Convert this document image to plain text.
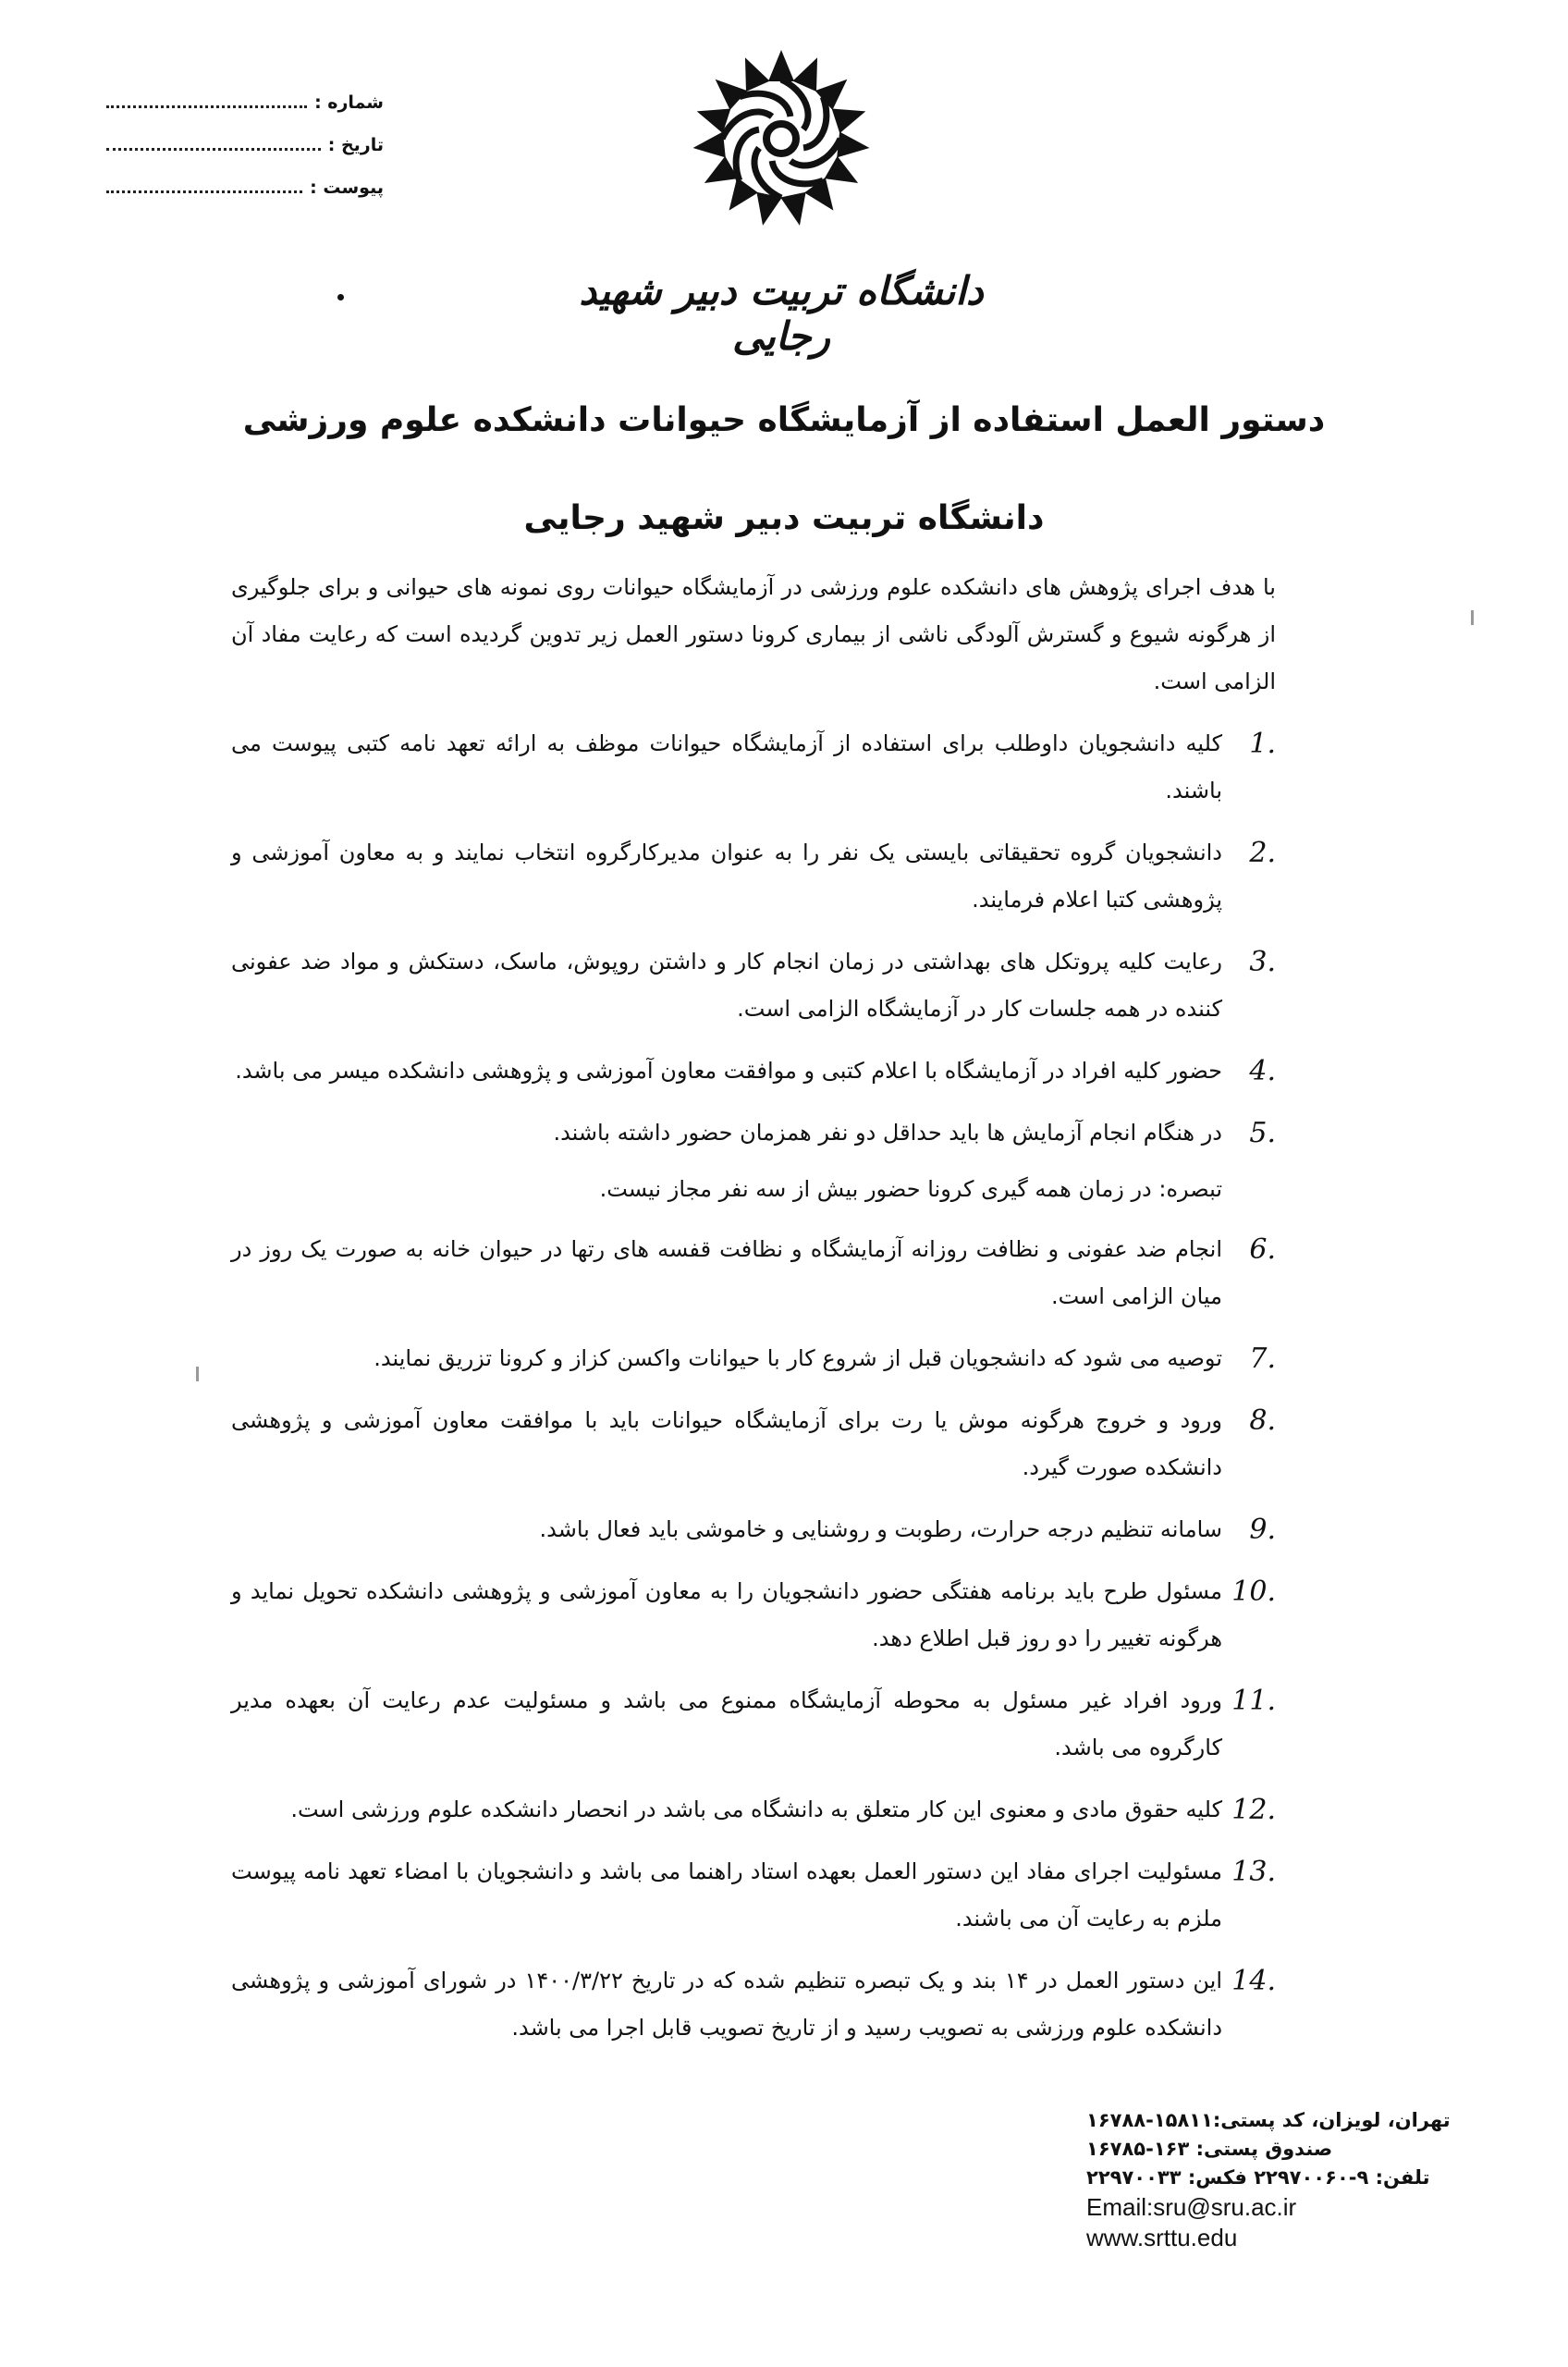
شماره :
تاریخ :
پیوست :
دانشگاه تربیت دبیر شهید رجایی
دستور العمل استفاده از آزمایشگاه حیوانات دانشکده علوم ورزشی
دانشگاه تربیت دبیر شهید رجایی

با هدف اجرای پژوهش های دانشکده علوم ورزشی در آزمایشگاه حیوانات روی نمونه های حیوانی و برای جلوگیری از هرگونه شیوع و گسترش آلودگی ناشی از بیماری کرونا دستور العمل زیر تدوین گردیده است که رعایت مفاد آن الزامی است.

1.
کلیه دانشجویان داوطلب برای استفاده از آزمایشگاه حیوانات موظف به ارائه تعهد نامه کتبی پیوست می باشند.
2.
دانشجویان گروه تحقیقاتی بایستی یک نفر را به عنوان مدیرکارگروه انتخاب نمایند و به معاون آموزشی و پژوهشی کتبا اعلام فرمایند.
3.
رعایت کلیه پروتکل های بهداشتی در زمان انجام کار و داشتن روپوش، ماسک، دستکش و مواد ضد عفونی کننده در همه جلسات کار در آزمایشگاه الزامی است.
4.
حضور کلیه افراد در آزمایشگاه با اعلام کتبی و موافقت معاون آموزشی و پژوهشی دانشکده میسر می باشد.
5.
در هنگام انجام آزمایش ها باید حداقل دو نفر همزمان حضور داشته باشند.
تبصره: در زمان همه گیری کرونا حضور بیش از سه نفر مجاز نیست.
6.
انجام ضد عفونی و نظافت روزانه آزمایشگاه و نظافت قفسه های رتها در حیوان خانه به صورت یک روز در میان الزامی است.
7.
توصیه می شود که دانشجویان قبل از شروع کار با حیوانات واکسن کزاز و کرونا تزریق نمایند.
8.
ورود و خروج هرگونه موش یا رت برای آزمایشگاه حیوانات باید با موافقت معاون آموزشی و پژوهشی دانشکده صورت گیرد.
9.
سامانه تنظیم درجه حرارت، رطوبت و روشنایی و خاموشی باید فعال باشد.
10.
مسئول طرح باید برنامه هفتگی حضور دانشجویان را به معاون آموزشی و پژوهشی دانشکده تحویل نماید و هرگونه تغییر را دو روز قبل اطلاع دهد.
11.
ورود افراد غیر مسئول به محوطه آزمایشگاه ممنوع می باشد و مسئولیت عدم رعایت آن بعهده مدیر کارگروه می باشد.
12.
کلیه حقوق مادی و معنوی این کار متعلق به دانشگاه می باشد در انحصار دانشکده علوم ورزشی است.
13.
مسئولیت اجرای مفاد این دستور العمل بعهده استاد راهنما می باشد و دانشجویان با امضاء تعهد نامه پیوست ملزم به رعایت آن می باشند.
14.
این دستور العمل در ۱۴ بند و یک تبصره تنظیم شده که در تاریخ ۱۴۰۰/۳/۲۲ در شورای آموزشی و پژوهشی دانشکده علوم ورزشی به تصویب رسید و از تاریخ تصویب قابل اجرا می باشد.
تهران، لویزان، کد پستی:۱۵۸۱۱-۱۶۷۸۸
صندوق پستی: ۱۶۳-۱۶۷۸۵
تلفن: ۹-۲۲۹۷۰۰۶۰ فکس: ۲۲۹۷۰۰۳۳
Email:sru@sru.ac.ir
www.srttu.edu
